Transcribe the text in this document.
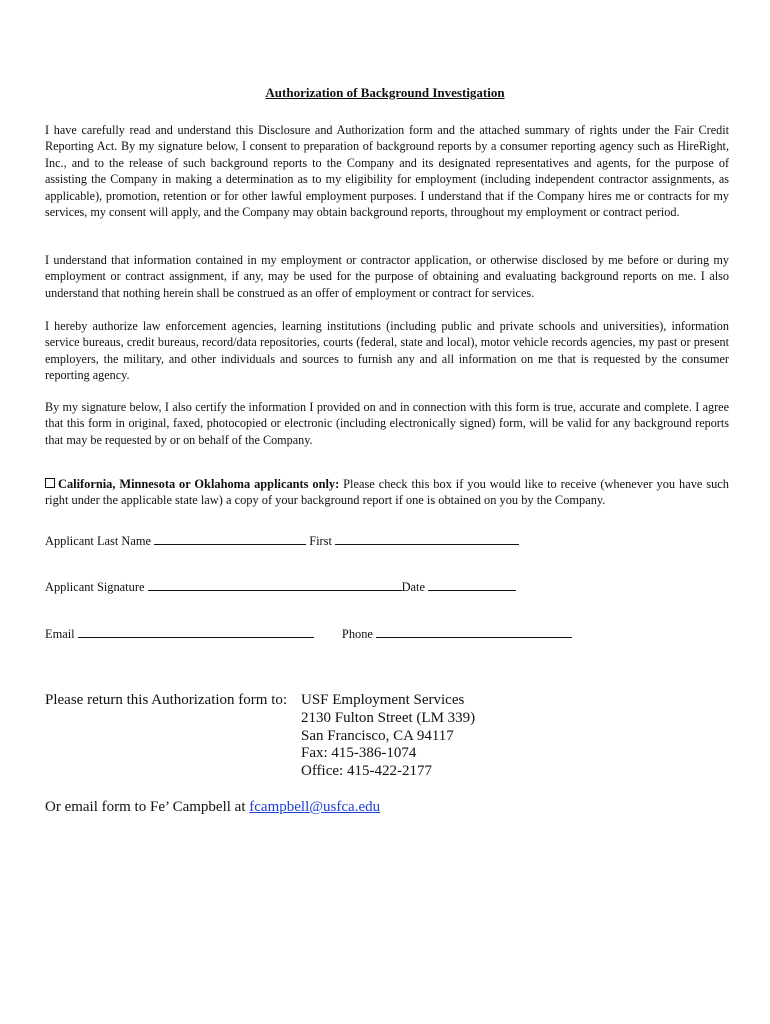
Authorization of Background Investigation

I have carefully read and understand this Disclosure and Authorization form and the attached summary of rights under the Fair Credit Reporting Act. By my signature below, I consent to preparation of background reports by a consumer reporting agency such as HireRight, Inc., and to the release of such background reports to the Company and its designated representatives and agents, for the purpose of assisting the Company in making a determination as to my eligibility for employment (including independent contractor assignments, as applicable), promotion, retention or for other lawful employment purposes. I understand that if the Company hires me or contracts for my services, my consent will apply, and the Company may obtain background reports, throughout my employment or contract period.

I understand that information contained in my employment or contractor application, or otherwise disclosed by me before or during my employment or contract assignment, if any, may be used for the purpose of obtaining and evaluating background reports on me. I also understand that nothing herein shall be construed as an offer of employment or contract for services.

I hereby authorize law enforcement agencies, learning institutions (including public and private schools and universities), information service bureaus, credit bureaus, record/data repositories, courts (federal, state and local), motor vehicle records agencies, my past or present employers, the military, and other individuals and sources to furnish any and all information on me that is requested by the consumer reporting agency.

By my signature below, I also certify the information I provided on and in connection with this form is true, accurate and complete. I agree that this form in original, faxed, photocopied or electronic (including electronically signed) form, will be valid for any background reports that may be requested by or on behalf of the Company.

California, Minnesota or Oklahoma applicants only: Please check this box if you would like to receive (whenever you have such right under the applicable state law) a copy of your background report if one is obtained on you by the Company.

Applicant Last Name	First
Applicant Signature	Date
Email	Phone
Please return this Authorization form to: USF Employment Services
2130 Fulton Street (LM 339)
San Francisco, CA 94117
Fax: 415-386-1074
Office: 415-422-2177
Or email form to Fe’ Campbell at fcampbell@usfca.edu
